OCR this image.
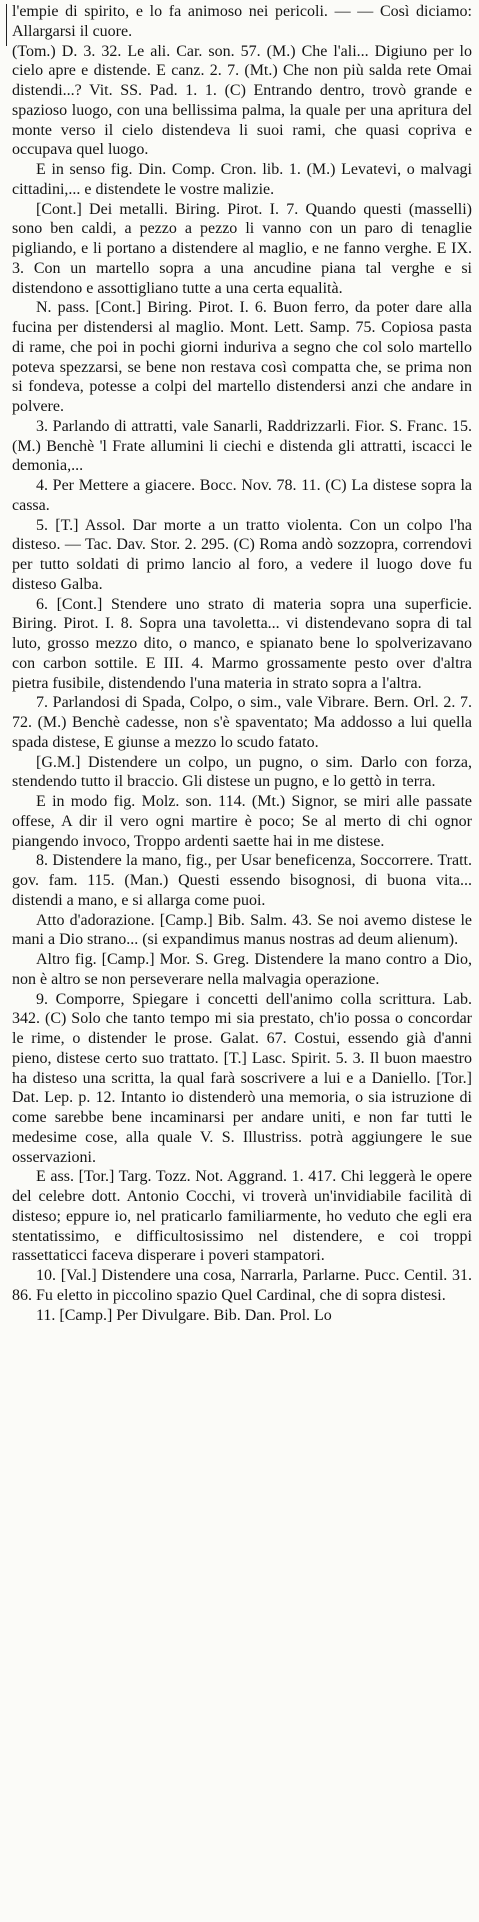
l'empie di spirito, e lo fa animoso nei pericoli. — — Così diciamo: Allargarsi il cuore.

(Tom.) D. 3. 32. Le ali. Car. son. 57. (M.) Che l'ali... Digiuno per lo cielo apre e distende. E canz. 2. 7. (Mt.) Che non più salda rete Omai distendi...? Vit. SS. Pad. 1. 1. (C) Entrando dentro, trovò grande e spazioso luogo, con una bellissima palma, la quale per una apritura del monte verso il cielo distendeva li suoi rami, che quasi copriva e occupava quel luogo.

E in senso fig. Din. Comp. Cron. lib. 1. (M.) Levatevi, o malvagi cittadini,... e distendete le vostre malizie.

[Cont.] Dei metalli. Biring. Pirot. I. 7. Quando questi (masselli) sono ben caldi, a pezzo a pezzo li vanno con un paro di tenaglie pigliando, e li portano a distendere al maglio, e ne fanno verghe. E IX. 3. Con un martello sopra a una ancudine piana tal verghe e si distendono e assottigliano tutte a una certa equalità.

N. pass. [Cont.] Biring. Pirot. I. 6. Buon ferro, da poter dare alla fucina per distendersi al maglio. Mont. Lett. Samp. 75. Copiosa pasta di rame, che poi in pochi giorni induriva a segno che col solo martello poteva spezzarsi, se bene non restava così compatta che, se prima non si fondeva, potesse a colpi del martello distendersi anzi che andare in polvere.

3. Parlando di attratti, vale Sanarli, Raddrizzarli. Fior. S. Franc. 15. (M.) Benchè 'l Frate allumini li ciechi e distenda gli attratti, iscacci le demonia,...

4. Per Mettere a giacere. Bocc. Nov. 78. 11. (C) La distese sopra la cassa.

5. [T.] Assol. Dar morte a un tratto violenta. Con un colpo l'ha disteso. — Tac. Dav. Stor. 2. 295. (C) Roma andò sozzopra, correndovi per tutto soldati di primo lancio al foro, a vedere il luogo dove fu disteso Galba.

6. [Cont.] Stendere uno strato di materia sopra una superficie. Biring. Pirot. I. 8. Sopra una tavoletta... vi distendevano sopra di tal luto, grosso mezzo dito, o manco, e spianato bene lo spolverizavano con carbon sottile. E III. 4. Marmo grossamente pesto over d'altra pietra fusibile, distendendo l'una materia in strato sopra a l'altra.

7. Parlandosi di Spada, Colpo, o sim., vale Vibrare. Bern. Orl. 2. 7. 72. (M.) Benchè cadesse, non s'è spaventato; Ma addosso a lui quella spada distese, E giunse a mezzo lo scudo fatato.

[G.M.] Distendere un colpo, un pugno, o sim. Darlo con forza, stendendo tutto il braccio. Gli distese un pugno, e lo gettò in terra.

E in modo fig. Molz. son. 114. (Mt.) Signor, se miri alle passate offese, A dir il vero ogni martire è poco; Se al merto di chi ognor piangendo invoco, Troppo ardenti saette hai in me distese.

8. Distendere la mano, fig., per Usar beneficenza, Soccorrere. Tratt. gov. fam. 115. (Man.) Questi essendo bisognosi, di buona vita... distendi a mano, e si allarga come puoi.

Atto d'adorazione. [Camp.] Bib. Salm. 43. Se noi avemo distese le mani a Dio strano... (si expandimus manus nostras ad deum alienum).

Altro fig. [Camp.] Mor. S. Greg. Distendere la mano contro a Dio, non è altro se non perseverare nella malvagia operazione.

9. Comporre, Spiegare i concetti dell'animo colla scrittura. Lab. 342. (C) Solo che tanto tempo mi sia prestato, ch'io possa o concordar le rime, o distender le prose. Galat. 67. Costui, essendo già d'anni pieno, distese certo suo trattato. [T.] Lasc. Spirit. 5. 3. Il buon maestro ha disteso una scritta, la qual farà soscrivere a lui e a Daniello. [Tor.] Dat. Lep. p. 12. Intanto io distenderò una memoria, o sia istruzione di come sarebbe bene incaminarsi per andare uniti, e non far tutti le medesime cose, alla quale V. S. Illustriss. potrà aggiungere le sue osservazioni.

E ass. [Tor.] Targ. Tozz. Not. Aggrand. 1. 417. Chi leggerà le opere del celebre dott. Antonio Cocchi, vi troverà un'invidiabile facilità di disteso; eppure io, nel praticarlo familiarmente, ho veduto che egli era stentatissimo, e difficultosissimo nel distendere, e coi troppi rassettaticci faceva disperare i poveri stampatori.

10. [Val.] Distendere una cosa, Narrarla, Parlarne. Pucc. Centil. 31. 86. Fu eletto in piccolino spazio Quel Cardinal, che di sopra distesi.

11. [Camp.] Per Divulgare. Bib. Dan. Prol. Lo
